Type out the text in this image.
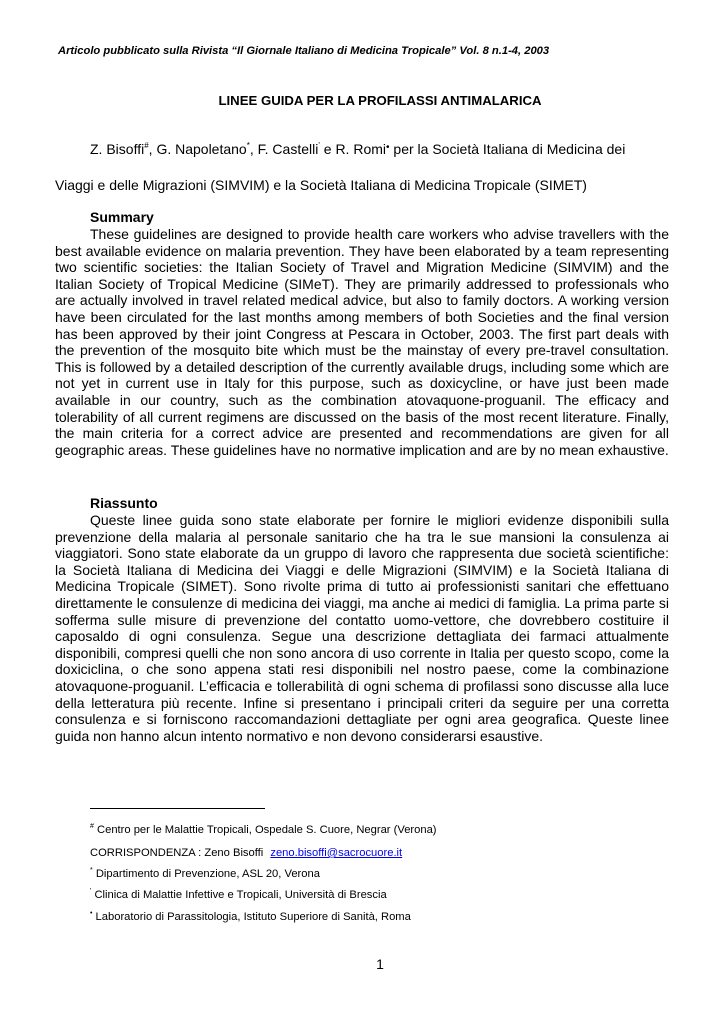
Articolo pubblicato sulla Rivista “Il Giornale Italiano di Medicina Tropicale” Vol. 8 n.1-4, 2003
LINEE GUIDA PER LA PROFILASSI ANTIMALARICA
Z. Bisoffi#, G. Napoletano*, F. Castelli' e R. Romi• per la Società Italiana di Medicina dei
Viaggi e delle Migrazioni (SIMVIM) e la Società Italiana di Medicina Tropicale (SIMET)
Summary
These guidelines are designed to provide health care workers who advise travellers with the best available evidence on malaria prevention. They have been elaborated by a team representing two scientific societies: the Italian Society of Travel and Migration Medicine (SIMVIM) and the Italian Society of Tropical Medicine (SIMeT). They are primarily addressed to professionals who are actually involved in travel related medical advice, but also to family doctors. A working version have been circulated for the last months among members of both Societies and the final version has been approved by their joint Congress at Pescara in October, 2003. The first part deals with the prevention of the mosquito bite which must be the mainstay of every pre-travel consultation. This is followed by a detailed description of the currently available drugs, including some which are not yet in current use in Italy for this purpose, such as doxicycline, or have just been made available in our country, such as the combination atovaquone-proguanil. The efficacy and tolerability of all current regimens are discussed on the basis of the most recent literature. Finally, the main criteria for a correct advice are presented and recommendations are given for all geographic areas. These guidelines have no normative implication and are by no mean exhaustive.
Riassunto
Queste linee guida sono state elaborate per fornire le migliori evidenze disponibili sulla prevenzione della malaria al personale sanitario che ha tra le sue mansioni la consulenza ai viaggiatori. Sono state elaborate da un gruppo di lavoro che rappresenta due società scientifiche: la Società Italiana di Medicina dei Viaggi e delle Migrazioni (SIMVIM) e la Società Italiana di Medicina Tropicale (SIMET). Sono rivolte prima di tutto ai professionisti sanitari che effettuano direttamente le consulenze di medicina dei viaggi, ma anche ai medici di famiglia. La prima parte si sofferma sulle misure di prevenzione del contatto uomo-vettore, che dovrebbero costituire il caposaldo di ogni consulenza. Segue una descrizione dettagliata dei farmaci attualmente disponibili, compresi quelli che non sono ancora di uso corrente in Italia per questo scopo, come la doxiciclina, o che sono appena stati resi disponibili nel nostro paese, come la combinazione atovaquone-proguanil. L’efficacia e tollerabilità di ogni schema di profilassi sono discusse alla luce della letteratura più recente. Infine si presentano i principali criteri da seguire per una corretta consulenza e si forniscono raccomandazioni dettagliate per ogni area geografica. Queste linee guida non hanno alcun intento normativo e non devono considerarsi esaustive.
# Centro per le Malattie Tropicali, Ospedale S. Cuore, Negrar (Verona)
CORRISPONDENZA : Zeno Bisoffi zeno.bisoffi@sacrocuore.it
* Dipartimento di Prevenzione, ASL 20, Verona
' Clinica di Malattie Infettive e Tropicali, Università di Brescia
• Laboratorio di Parassitologia, Istituto Superiore di Sanità, Roma
1
